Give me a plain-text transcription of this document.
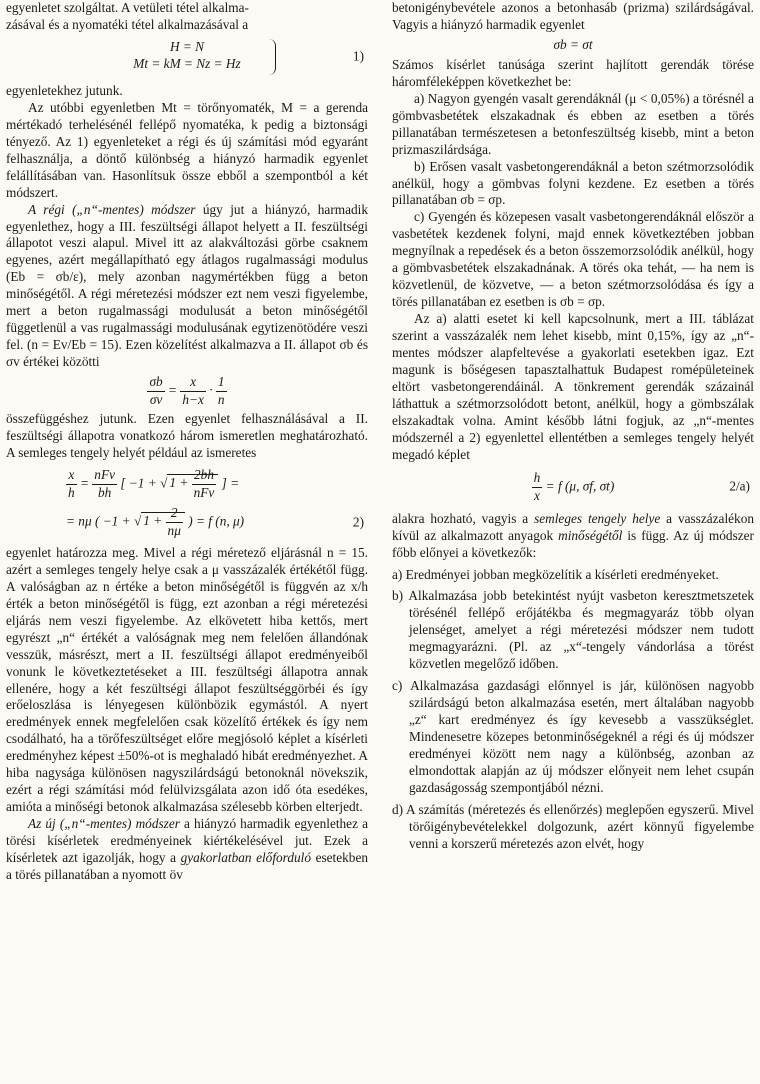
egyenletet szolgáltat. A vetületi tétel alkalma-

zásával és a nyomatéki tétel alkalmazásával a

H = N
Mt = kM = Nz = Hz	1)

egyenletekhez jutunk.

Az utóbbi egyenletben Mt = törőnyomaték, M = a gerenda mértékadó terhelésénél fellépő nyomatéka, k pedig a biztonsági tényező. Az 1) egyenleteket a régi és új számítási mód egyaránt felhasználja, a döntő különbség a hiányzó harmadik egyenlet felállításában van. Hasonlítsuk össze ebből a szempontból a két módszert.

A régi („n“-mentes) módszer úgy jut a hiányzó, harmadik egyenlethez, hogy a III. feszültségi állapot helyett a II. feszültségi állapotot veszi alapul. Mivel itt az alakváltozási görbe csaknem egyenes, azért megállapítható egy átlagos rugalmassági modulus (Eb = σb/ε), mely azonban nagymértékben függ a beton minőségétől. A régi méretezési módszer ezt nem veszi figyelembe, mert a beton rugalmassági modulusát a beton minőségétől függetlenül a vas rugalmassági modulusának egytizenötödére veszi fel. (n = Ev/Eb = 15). Ezen közelítést alkalmazva a II. állapot σb és σv értékei közötti

$\frac{\sigma b}{\sigma v} = \frac{x}{h-x} \cdot \frac{1}{n}$

összefüggéshez jutunk. Ezen egyenlet felhasználásával a II. feszültségi állapotra vonatkozó három ismeretlen meghatározható. A semleges tengely helyét például az ismeretes

$\frac{x}{h} = \frac{\text{nFv}}{bh}$ [ −1 + √ $1 + \frac{2bh}{\text{nFv}}$ ] =
= nμ ( −1 + √ $1 + \frac{2}{n\mu}$ ) = f (n, μ)	2)

egyenlet határozza meg. Mivel a régi méretező eljárásnál n = 15. azért a semleges tengely helye csak a μ vasszázalék értékétől függ. A valóságban az n értéke a beton minőségétől is függvén az x/h érték a beton minőségétől is függ, ezt azonban a régi méretezési eljárás nem veszi figyelembe. Az elkövetett hiba kettős, mert egyrészt „n“ értékét a valóságnak meg nem felelően állandónak vesszük, másrészt, mert a II. feszültségi állapot eredményeiből vonunk le következtetéseket a III. feszültségi állapotra annak ellenére, hogy a két feszültségi állapot feszültséggörbéi és így erőeloszlása is lényegesen különbözik egymástól. A nyert eredmények ennek megfelelően csak közelítő értékek és így nem csodálható, ha a törőfeszültséget előre megjósoló képlet a kísérleti eredményhez képest ±50%-ot is meghaladó hibát eredményezhet. A hiba nagysága különösen nagyszilárdságú betonoknál növekszik, ezért a régi számítási mód felülvizsgálata azon idő óta esedékes, amióta a minőségi betonok alkalmazása szélesebb körben elterjedt.

Az új („n“-mentes) módszer a hiányzó harmadik egyenlethez a törési kísérletek eredményeinek kiértékelésével jut. Ezek a kísérletek azt igazolják, hogy a gyakorlatban előforduló esetekben a törés pillanatában a nyomott öv

betonigénybevétele azonos a betonhasáb (prizma) szilárdságával. Vagyis a hiányzó harmadik egyenlet

σb = σt

Számos kísérlet tanúsága szerint hajlított gerendák törése háromféleképpen következhet be:

a) Nagyon gyengén vasalt gerendáknál (μ < 0,05%) a törésnél a gömbvasbetétek elszakadnak és ebben az esetben a törés pillanatában természetesen a betonfeszültség kisebb, mint a beton prizmaszilárdsága.

b) Erősen vasalt vasbetongerendáknál a beton szétmorzsolódik anélkül, hogy a gömbvas folyni kezdene. Ez esetben a törés pillanatában σb = σp.

c) Gyengén és közepesen vasalt vasbetongerendáknál először a vasbetétek kezdenek folyni, majd ennek következtében jobban megnyílnak a repedések és a beton összemorzsolódik anélkül, hogy a gömbvasbetétek elszakadnának. A törés oka tehát, — ha nem is közvetlenül, de közvetve, — a beton szétmorzsolódása és így a törés pillanatában ez esetben is σb = σp.

Az a) alatti esetet ki kell kapcsolnunk, mert a III. táblázat szerint a vasszázalék nem lehet kisebb, mint 0,15%, így az „n“-mentes módszer alapfeltevése a gyakorlati esetekben igaz. Ezt magunk is bőségesen tapasztalhattuk Budapest romépületeinek eltört vasbetongerendáinál. A tönkrement gerendák százainál láthattuk a szétmorzsolódott betont, anélkül, hogy a gömbszálak elszakadtak volna. Amint később látni fogjuk, az „n“-mentes módszernél a 2) egyenlettel ellentétben a semleges tengely helyét megadó képlet

$\frac{h}{x} = f$ (μ, σf, σt)	2/a)

alakra hozható, vagyis a semleges tengely helye a vasszázalékon kívül az alkalmazott anyagok minőségétől is függ. Az új módszer főbb előnyei a következők:

a) Eredményei jobban megközelítik a kísérleti eredményeket.

b) Alkalmazása jobb betekintést nyújt vasbeton keresztmetszetek törésénél fellépő erőjátékba és megmagyaráz több olyan jelenséget, amelyet a régi méretezési módszer nem tudott megmagyarázni. (Pl. az „x“-tengely vándorlása a törést közvetlen megelőző időben.

c) Alkalmazása gazdasági előnnyel is jár, különösen nagyobb szilárdságú beton alkalmazása esetén, mert általában nagyobb „z“ kart eredményez és így kevesebb a vasszükséglet. Mindenesetre közepes betonminőségeknél a régi és új módszer eredményei között nem nagy a különbség, azonban az elmondottak alapján az új módszer előnyeit nem lehet csupán gazdaságosság szempontjából nézni.

d) A számítás (méretezés és ellenőrzés) meglepően egyszerű. Mivel törőigénybevételekkel dolgozunk, azért könnyű figyelembe venni a korszerű méretezés azon elvét, hogy
